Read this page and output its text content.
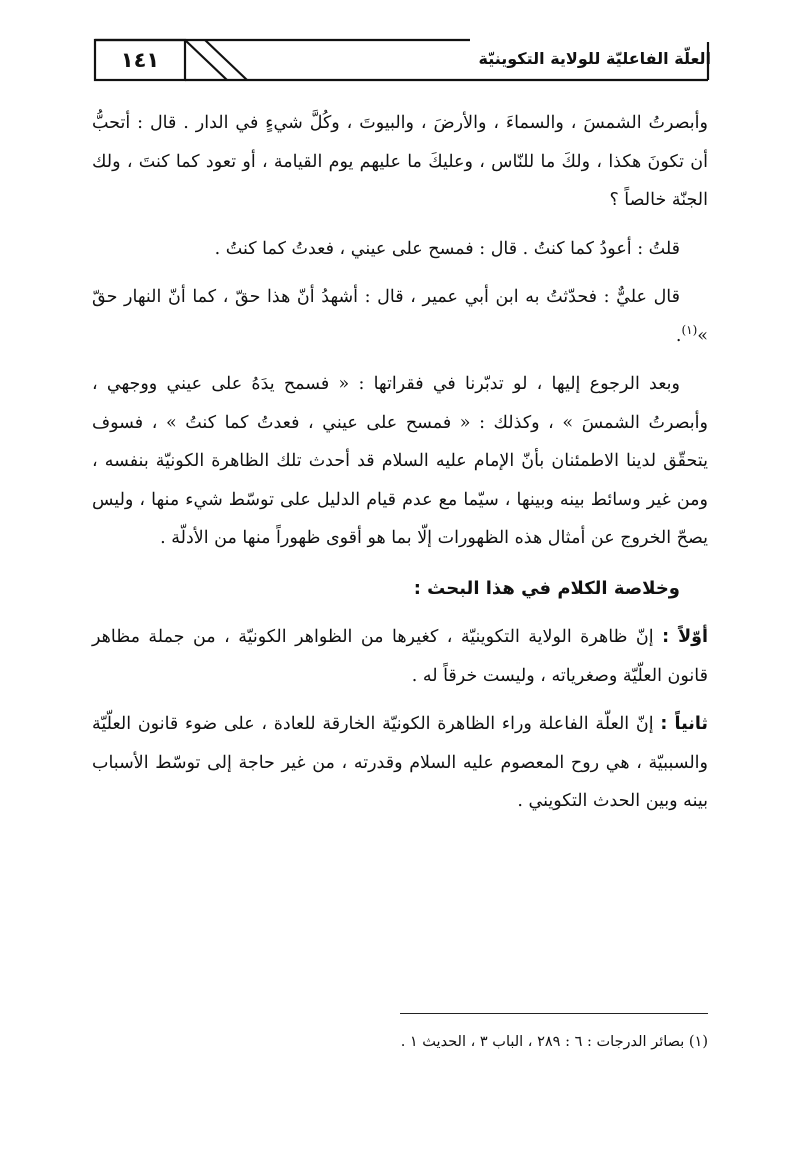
١٤١	العلّة الفاعليّة للولاية التكوينيّة

وأبصرتُ الشمسَ ، والسماءَ ، والأرضَ ، والبيوتَ ، وكُلَّ شيءٍ في الدار . قال : أتحبُّ أن تكونَ هكذا ، ولكَ ما للنّاس ، وعليكَ ما عليهم يوم القيامة ، أو تعود كما كنتَ ، ولك الجنّة خالصاً ؟

قلتُ : أعودُ كما كنتُ . قال : فمسح على عيني ، فعدتُ كما كنتُ .

قال عليٌّ : فحدّثتُ به ابن أبي عمير ، قال : أشهدُ أنّ هذا حقّ ، كما أنّ النهار حقّ »$^{(١)}$.

وبعد الرجوع إليها ، لو تدبّرنا في فقراتها : « فسمح يدَهُ على عيني ووجهي ، وأبصرتُ الشمسَ » ، وكذلك : « فمسح على عيني ، فعدتُ كما كنتُ » ، فسوف يتحقّق لدينا الاطمئنان بأنّ الإمام عليه السلام قد أحدث تلك الظاهرة الكونيّة بنفسه ، ومن غير وسائط بينه وبينها ، سيّما مع عدم قيام الدليل على توسّط شيء منها ، وليس يصحّ الخروج عن أمثال هذه الظهورات إلّا بما هو أقوى ظهوراً منها من الأدلّة .

وخلاصة الكلام في هذا البحث :

أوّلاً : إنّ ظاهرة الولاية التكوينيّة ، كغيرها من الظواهر الكونيّة ، من جملة مظاهر قانون العلّيّة وصغرياته ، وليست خرقاً له .

ثانياً : إنّ العلّة الفاعلة وراء الظاهرة الكونيّة الخارقة للعادة ، على ضوء قانون العلّيّة والسببيّة ، هي روح المعصوم عليه السلام وقدرته ، من غير حاجة إلى توسّط الأسباب بينه وبين الحدث التكويني .

(١) بصائر الدرجات : ٦ : ٢٨٩ ، الباب ٣ ، الحديث ١ .
